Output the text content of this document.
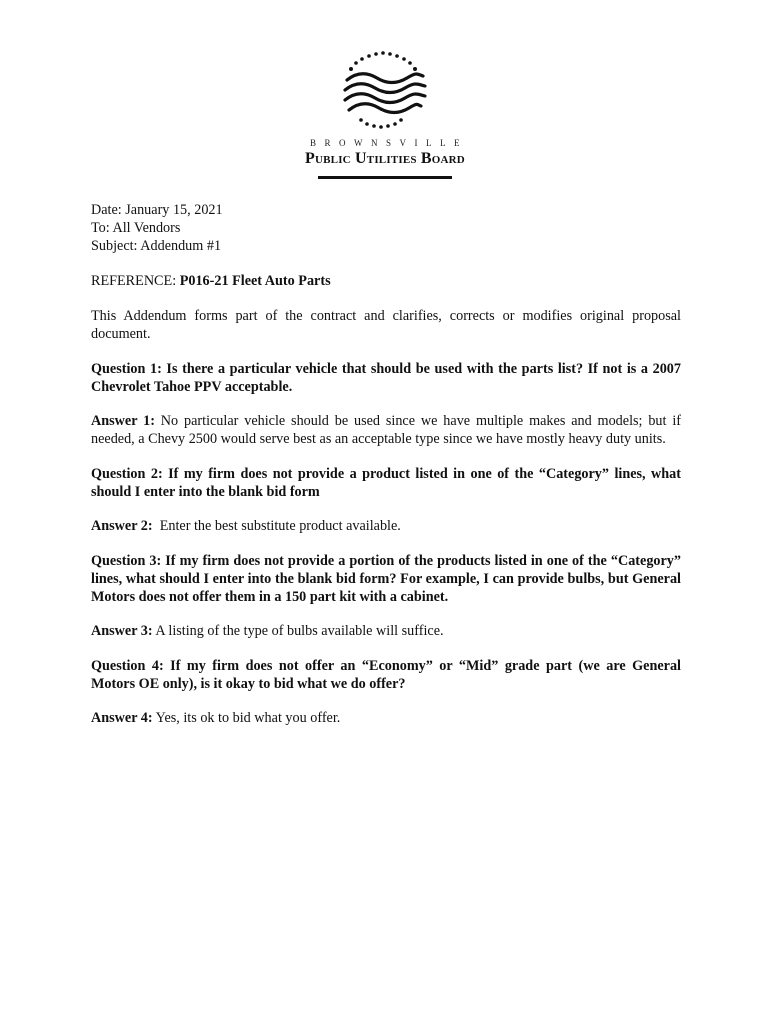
BROWNSVILLE
Public Utilities Board

Date: January 15, 2021

To: All Vendors

Subject: Addendum #1

REFERENCE: P016-21 Fleet Auto Parts

This Addendum forms part of the contract and clarifies, corrects or modifies original proposal document.

Question 1: Is there a particular vehicle that should be used with the parts list? If not is a 2007 Chevrolet Tahoe PPV acceptable.

Answer 1: No particular vehicle should be used since we have multiple makes and models; but if needed, a Chevy 2500 would serve best as an acceptable type since we have mostly heavy duty units.

Question 2: If my firm does not provide a product listed in one of the “Category” lines, what should I enter into the blank bid form

Answer 2:  Enter the best substitute product available.

Question 3: If my firm does not provide a portion of the products listed in one of the “Category” lines, what should I enter into the blank bid form? For example, I can provide bulbs, but General Motors does not offer them in a 150 part kit with a cabinet.

Answer 3: A listing of the type of bulbs available will suffice.

Question 4: If my firm does not offer an “Economy” or “Mid” grade part (we are General Motors OE only), is it okay to bid what we do offer?

Answer 4: Yes, its ok to bid what you offer.
